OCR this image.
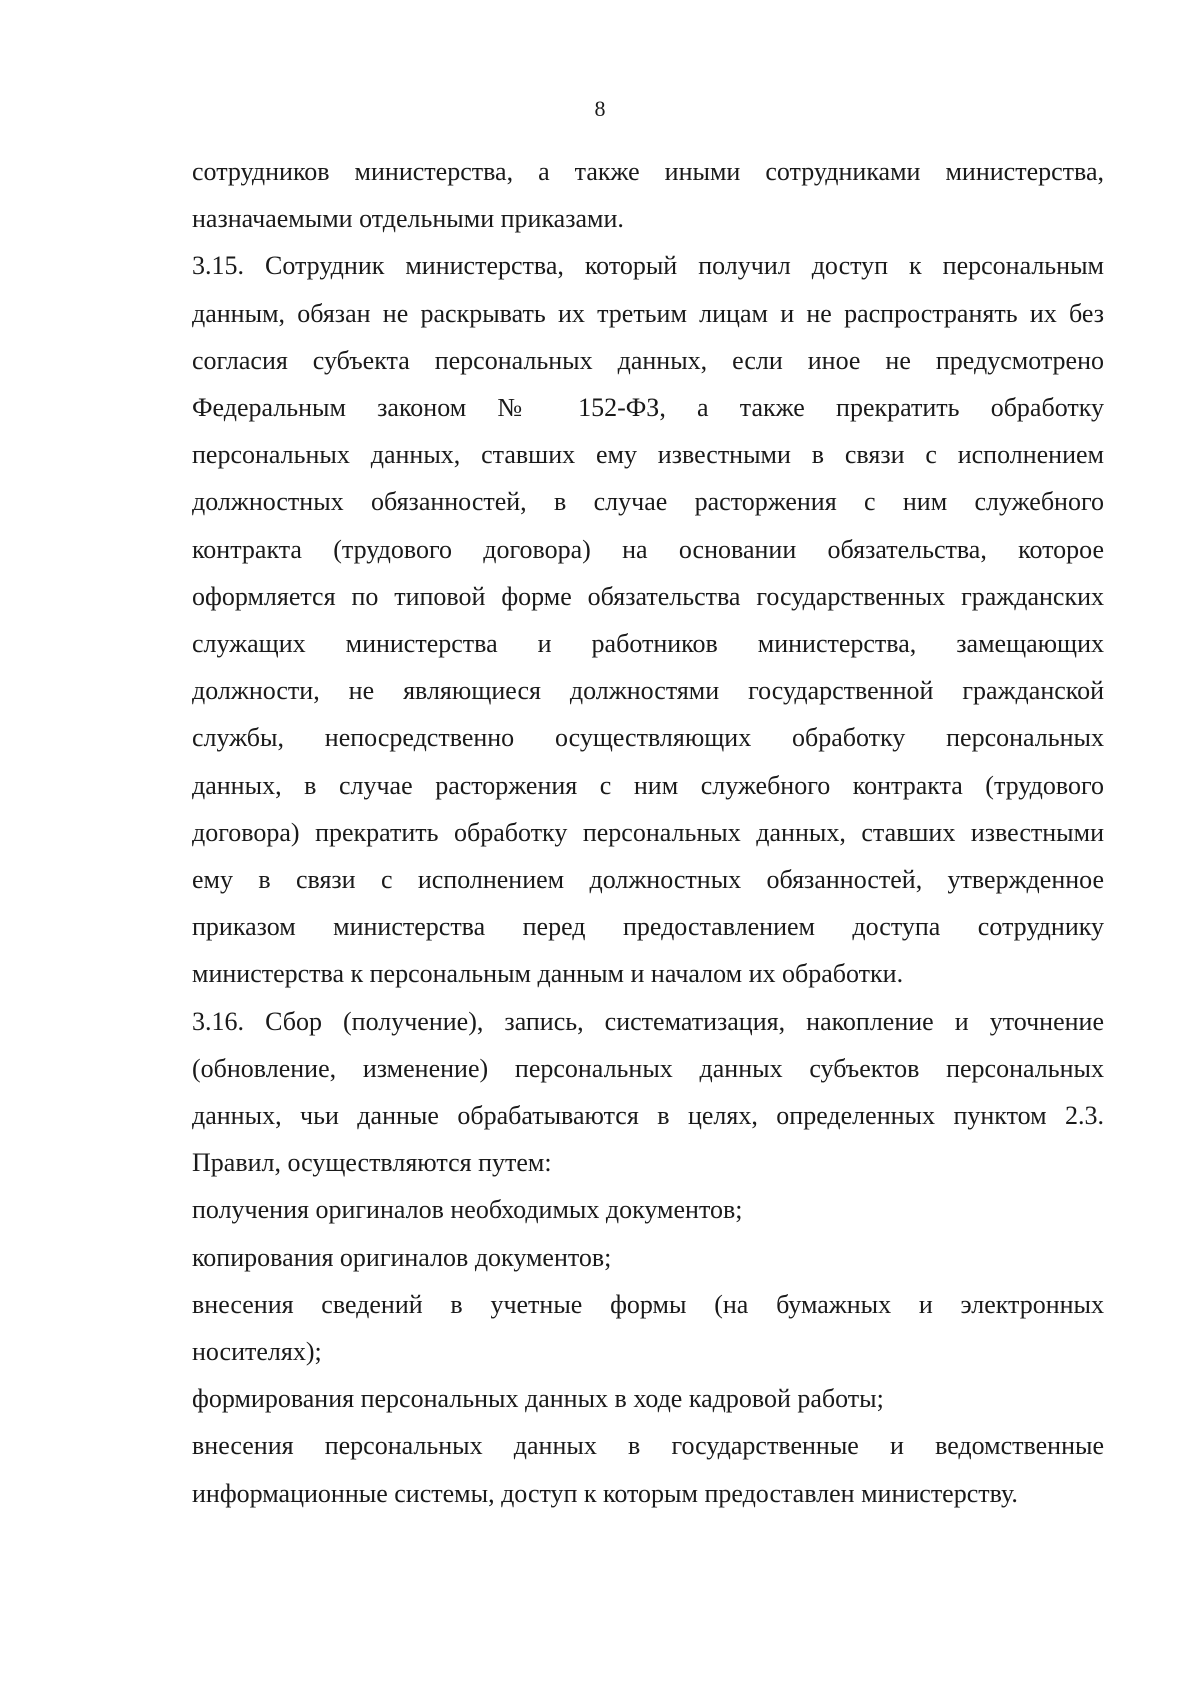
8

сотрудников министерства, а также иными сотрудниками министерства,
назначаемыми отдельными приказами.

3.15. Сотрудник министерства, который получил доступ к персональным
данным, обязан не раскрывать их третьим лицам и не распространять их без
согласия субъекта персональных данных, если иное не предусмотрено
Федеральным законом № 152-ФЗ, а также прекратить обработку
персональных данных, ставших ему известными в связи с исполнением
должностных обязанностей, в случае расторжения с ним служебного
контракта (трудового договора) на основании обязательства, которое
оформляется по типовой форме обязательства государственных гражданских
служащих министерства и работников министерства, замещающих
должности, не являющиеся должностями государственной гражданской
службы, непосредственно осуществляющих обработку персональных
данных, в случае расторжения с ним служебного контракта (трудового
договора) прекратить обработку персональных данных, ставших известными
ему в связи с исполнением должностных обязанностей, утвержденное
приказом министерства перед предоставлением доступа сотруднику
министерства к персональным данным и началом их обработки.

3.16. Сбор (получение), запись, систематизация, накопление и уточнение
(обновление, изменение) персональных данных субъектов персональных
данных, чьи данные обрабатываются в целях, определенных пунктом 2.3.
Правил, осуществляются путем:

получения оригиналов необходимых документов;

копирования оригиналов документов;

внесения сведений в учетные формы (на бумажных и электронных
носителях);

формирования персональных данных в ходе кадровой работы;

внесения персональных данных в государственные и ведомственные
информационные системы, доступ к которым предоставлен министерству.
